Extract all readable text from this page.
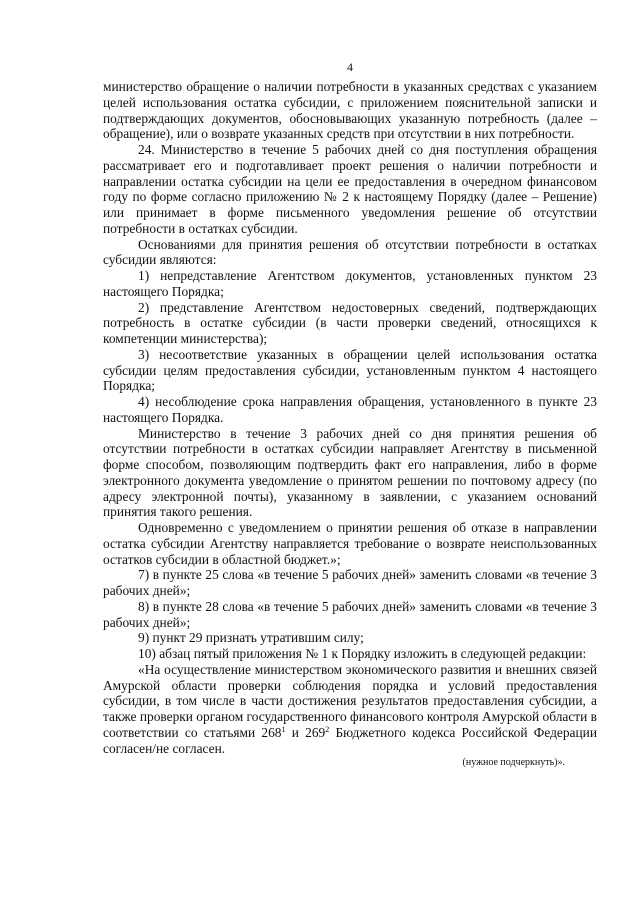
4

министерство обращение о наличии потребности в указанных средствах с указанием целей использования остатка субсидии, с приложением пояснительной записки и подтверждающих документов, обосновывающих указанную потребность (далее – обращение), или о возврате указанных средств при отсутствии в них потребности.

24. Министерство в течение 5 рабочих дней со дня поступления обращения рассматривает его и подготавливает проект решения о наличии потребности и направлении остатка субсидии на цели ее предоставления в очередном финансовом году по форме согласно приложению № 2 к настоящему Порядку (далее – Решение) или принимает в форме письменного уведомления решение об отсутствии потребности в остатках субсидии.

Основаниями для принятия решения об отсутствии потребности в остатках субсидии являются:

1) непредставление Агентством документов, установленных пунктом 23 настоящего Порядка;

2) представление Агентством недостоверных сведений, подтверждающих потребность в остатке субсидии (в части проверки сведений, относящихся к компетенции министерства);

3) несоответствие указанных в обращении целей использования остатка субсидии целям предоставления субсидии, установленным пунктом 4 настоящего Порядка;

4) несоблюдение срока направления обращения, установленного в пункте 23 настоящего Порядка.

Министерство в течение 3 рабочих дней со дня принятия решения об отсутствии потребности в остатках субсидии направляет Агентству в письменной форме способом, позволяющим подтвердить факт его направления, либо в форме электронного документа уведомление о принятом решении по почтовому адресу (по адресу электронной почты), указанному в заявлении, с указанием оснований принятия такого решения.

Одновременно с уведомлением о принятии решения об отказе в направлении остатка субсидии Агентству направляется требование о возврате неиспользованных остатков субсидии в областной бюджет.»;

7) в пункте 25 слова «в течение 5 рабочих дней» заменить словами «в течение 3 рабочих дней»;

8) в пункте 28 слова «в течение 5 рабочих дней» заменить словами «в течение 3 рабочих дней»;

9) пункт 29 признать утратившим силу;

10) абзац пятый приложения № 1 к Порядку изложить в следующей редакции:

«На осуществление министерством экономического развития и внешних связей Амурской области проверки соблюдения порядка и условий предоставления субсидии, в том числе в части достижения результатов предоставления субсидии, а также проверки органом государственного финансового контроля Амурской области в соответствии со статьями $268^1$ и $269^2$ Бюджетного кодекса Российской Федерации согласен/не согласен.

(нужное подчеркнуть)».
